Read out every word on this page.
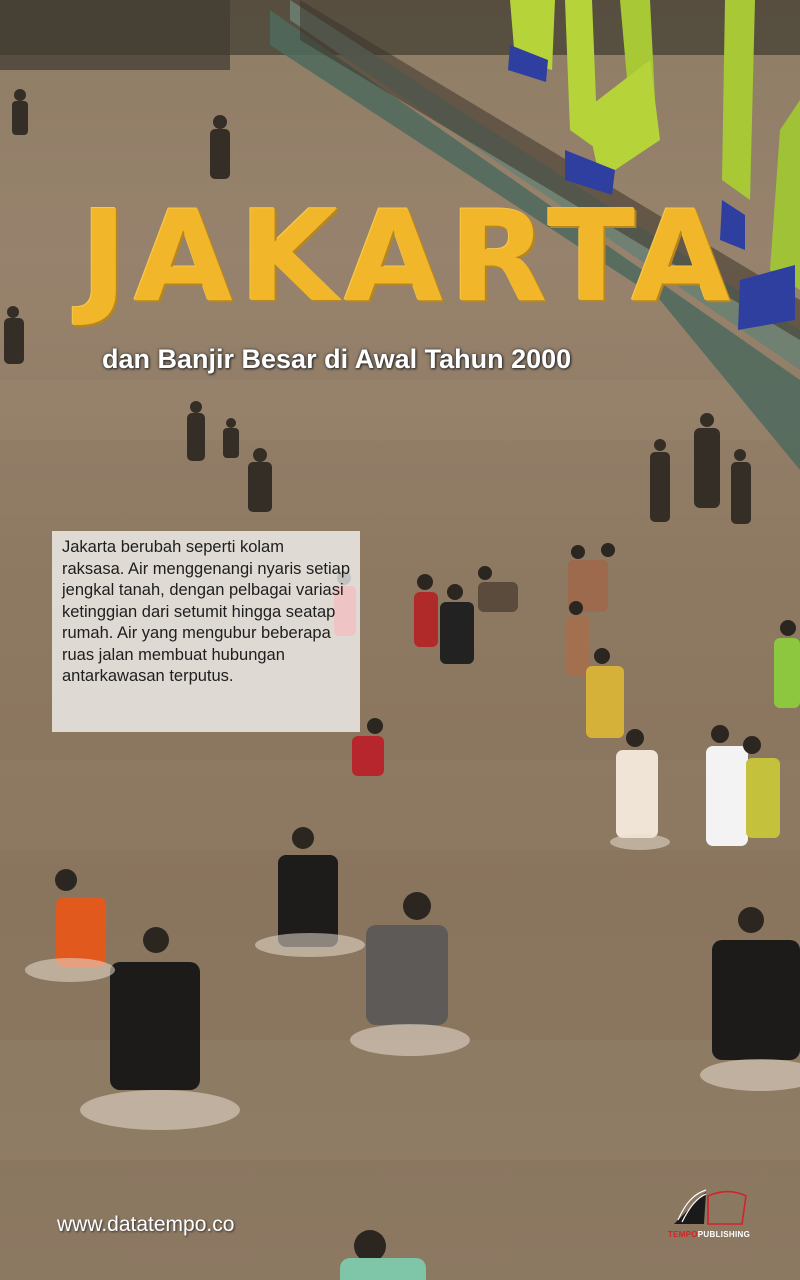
JAKARTA
dan Banjir Besar di Awal Tahun 2000
Jakarta berubah seperti kolam raksasa. Air menggenangi nyaris setiap jengkal tanah, dengan pelbagai variasi ketinggian dari setumit hingga seatap rumah. Air yang mengubur beberapa ruas jalan membuat hubungan antarkawasan terputus.
www.datatempo.co	TEMPOPUBLISHING
